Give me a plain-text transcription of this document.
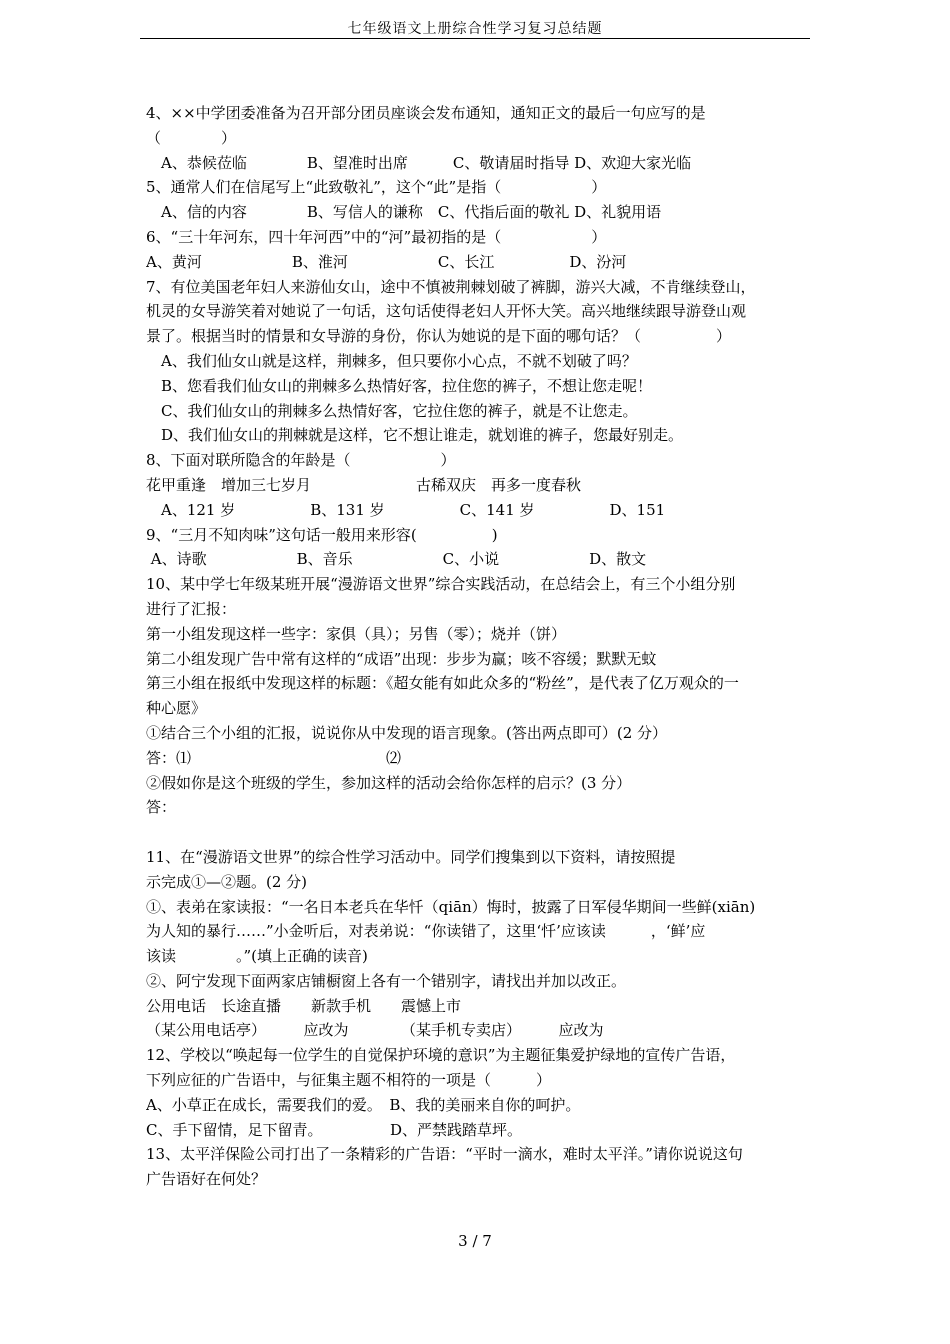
七年级语文上册综合性学习复习总结题
4、××中学团委准备为召开部分团员座谈会发布通知，通知正文的最后一句应写的是
（　　　　）
　A、恭候莅临　　　　B、望准时出席　　　C、敬请届时指导 D、欢迎大家光临
5、通常人们在信尾写上“此致敬礼”，这个“此”是指（　　　　　　）
　A、信的内容　　　　B、写信人的谦称　C、代指后面的敬礼 D、礼貌用语
6、“三十年河东，四十年河西”中的“河”最初指的是（　　　　　　）
A、黄河　　　　　　B、淮河　　　　　　C、长江　　　　　D、汾河
7、有位美国老年妇人来游仙女山，途中不慎被荆棘划破了裤脚，游兴大减，不肯继续登山，
机灵的女导游笑着对她说了一句话，这句话使得老妇人开怀大笑。高兴地继续跟导游登山观
景了。根据当时的情景和女导游的身份，你认为她说的是下面的哪句话？（　　　　　）
　A、我们仙女山就是这样，荆棘多，但只要你小心点，不就不划破了吗？
　B、您看我们仙女山的荆棘多么热情好客，拉住您的裤子，不想让您走呢！
　C、我们仙女山的荆棘多么热情好客，它拉住您的裤子，就是不让您走。
　D、我们仙女山的荆棘就是这样，它不想让谁走，就划谁的裤子，您最好别走。
8、下面对联所隐含的年龄是（　　　　　　）
花甲重逢　增加三七岁月　　　　　　　古稀双庆　再多一度春秋
　A、121 岁　　　　　B、131 岁　　　　　C、141 岁　　　　　D、151
9、“三月不知肉味”这句话一般用来形容(　　　　　)
A、诗歌　　　　　　B、音乐　　　　　　C、小说　　　　　　D、散文
10、某中学七年级某班开展“漫游语文世界”综合实践活动，在总结会上，有三个小组分别
进行了汇报：
第一小组发现这样一些字：家俱（具）；另售（零）；烧并（饼）
第二小组发现广告中常有这样的“成语”出现：步步为赢；咳不容缓；默默无蚊
第三小组在报纸中发现这样的标题：《超女能有如此众多的“粉丝”，是代表了亿万观众的一
种心愿》
①结合三个小组的汇报，说说你从中发现的语言现象。(答出两点即可）(2 分）
答：⑴　　　　　　　　　　　　　⑵
②假如你是这个班级的学生，参加这样的活动会给你怎样的启示？(3 分）
答：
11、在“漫游语文世界”的综合性学习活动中。同学们搜集到以下资料，请按照提
示完成①—②题。(2 分)
①、表弟在家读报：“一名日本老兵在华忏（qiān）悔时，披露了日军侵华期间一些鲜(xiān)
为人知的暴行……”小金听后，对表弟说：“你读错了，这里‘忏’应该读　　　，‘鲜’应
该读　　　　。”(填上正确的读音)
②、阿宁发现下面两家店铺橱窗上各有一个错别字，请找出并加以改正。
公用电话　长途直播　　新款手机　　震憾上市
（某公用电话亭）　　　应改为　　　　（某手机专卖店）　　　应改为
12、学校以“唤起每一位学生的自觉保护环境的意识”为主题征集爱护绿地的宣传广告语，
下列应征的广告语中，与征集主题不相符的一项是（　　　）
A、小草正在成长，需要我们的爱。　B、我的美丽来自你的呵护。
C、手下留情，足下留青。　　　　　D、严禁践踏草坪。
13、太平洋保险公司打出了一条精彩的广告语：“平时一滴水，难时太平洋。”请你说说这句
广告语好在何处？
3 / 7
